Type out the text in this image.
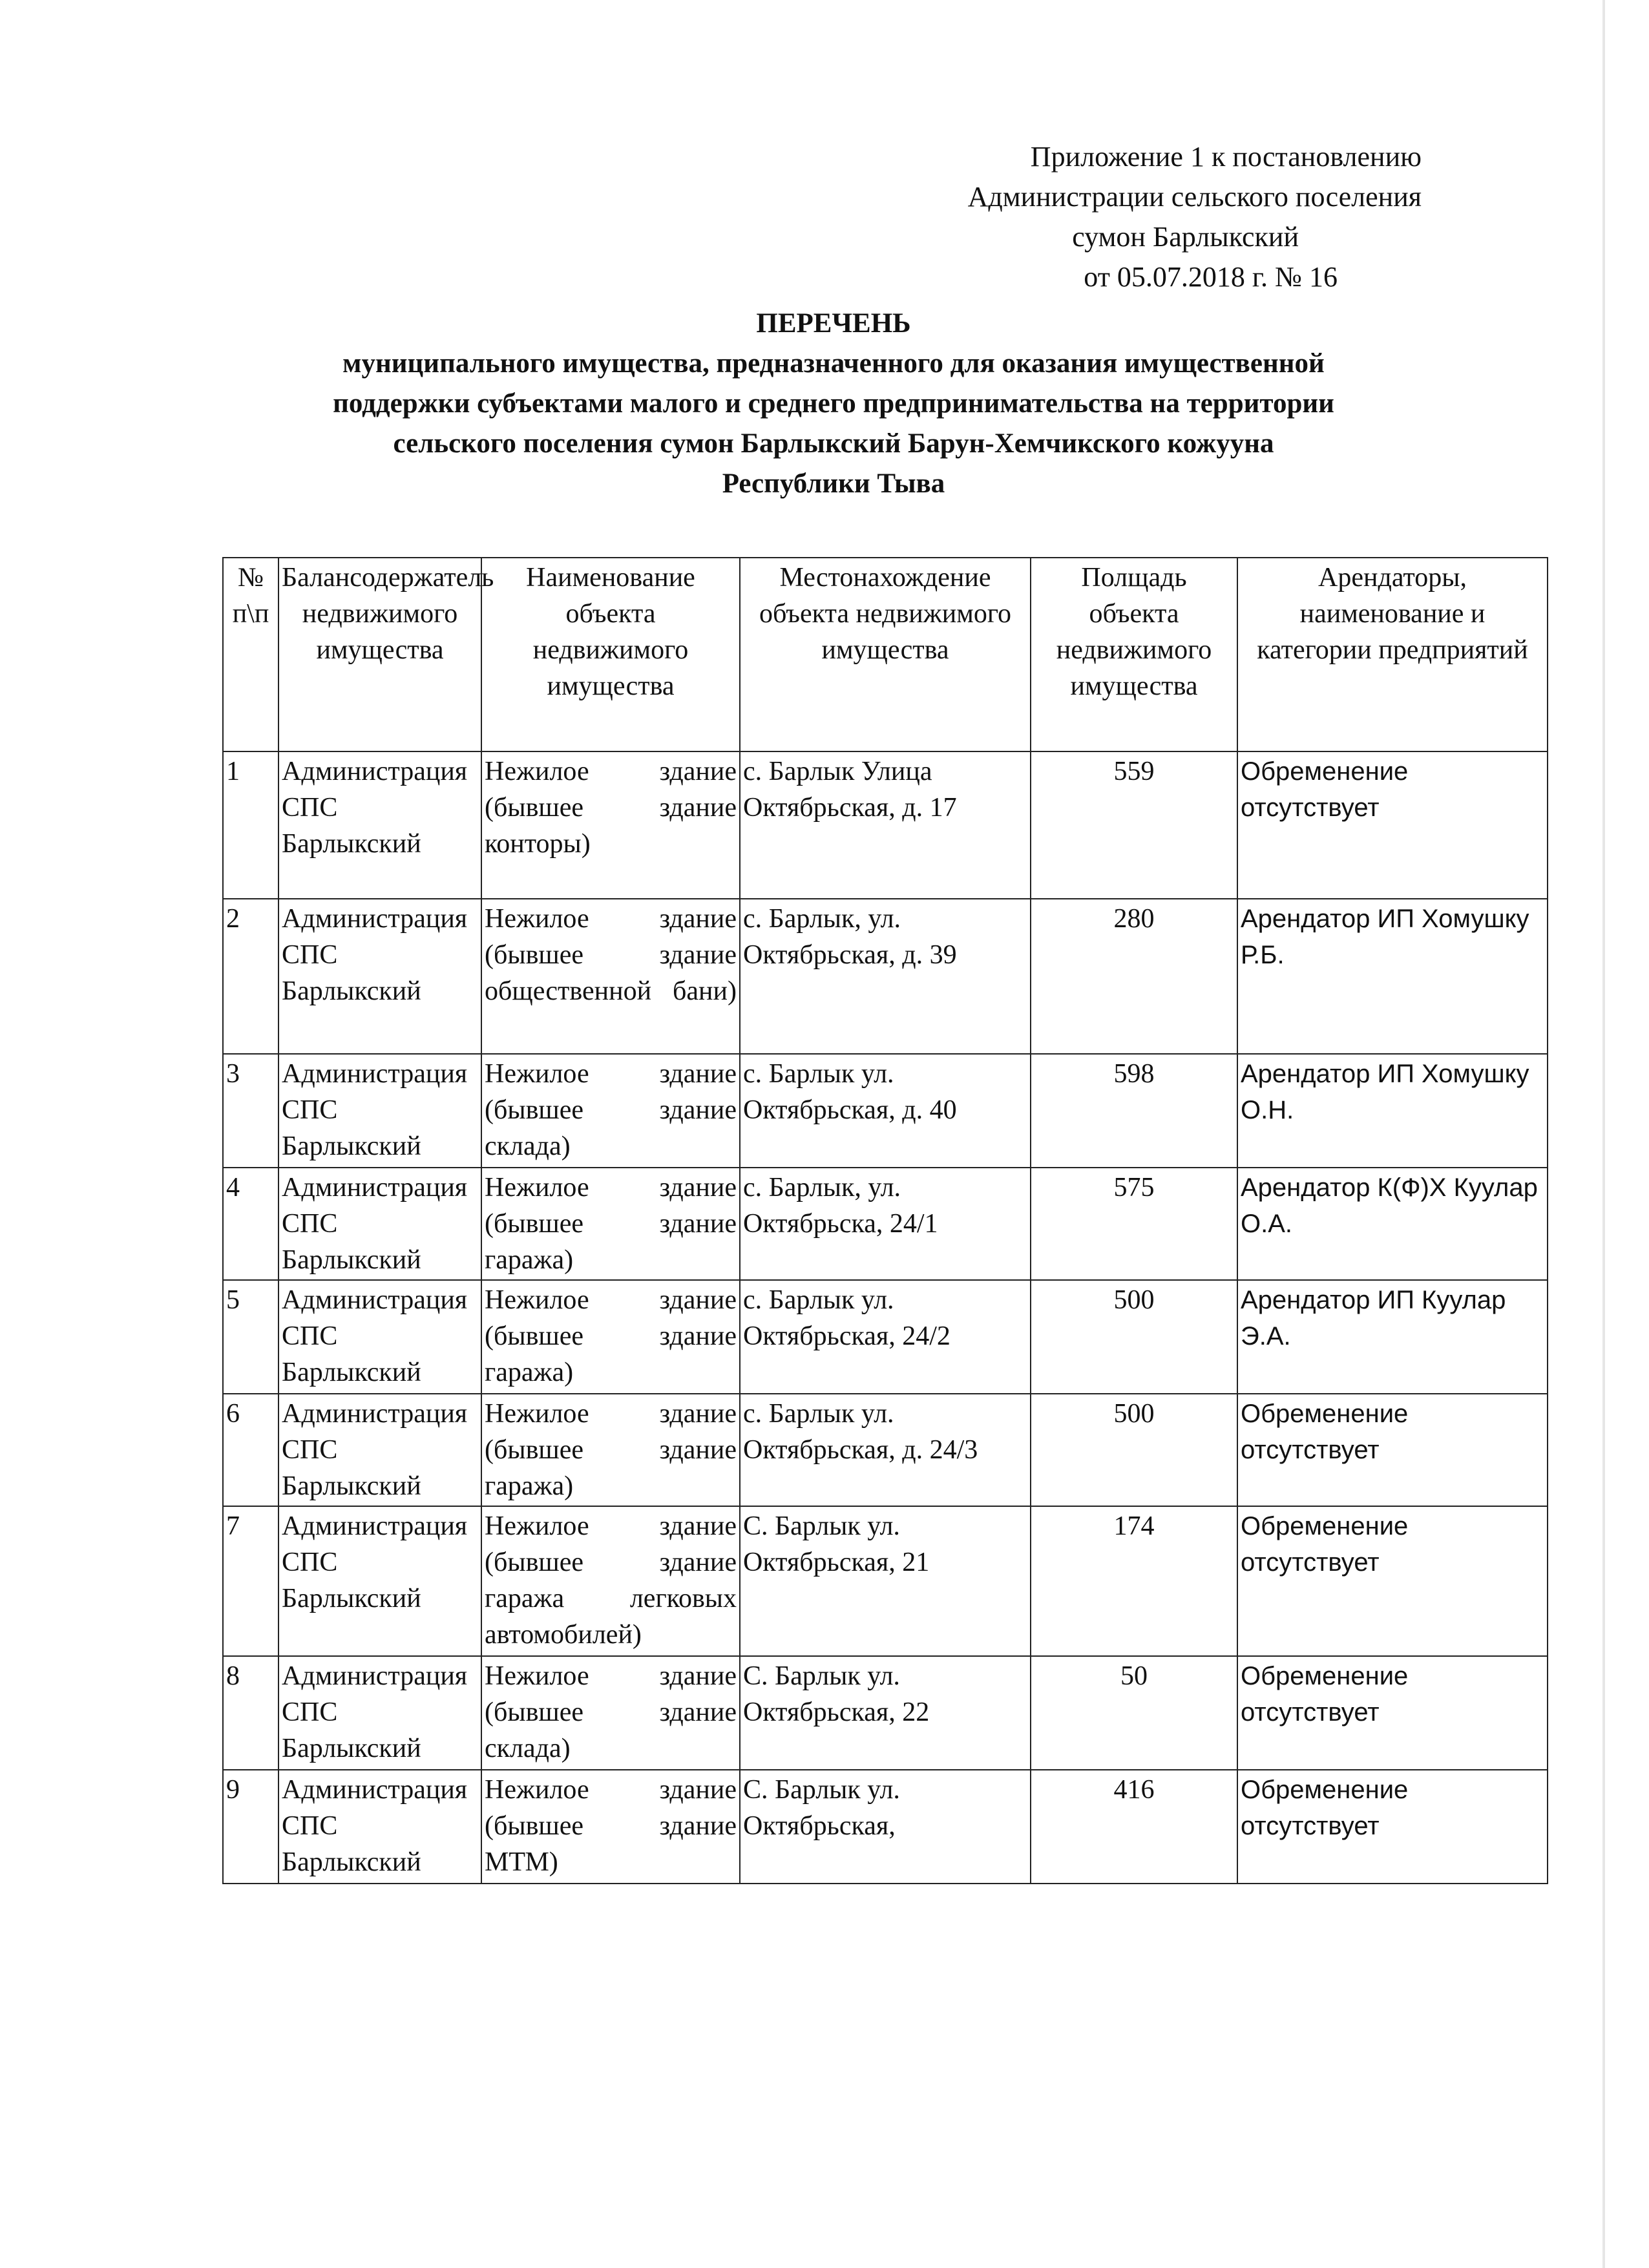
Приложение 1 к постановлению
Администрации сельского поселения
сумон Барлыкский
от 05.07.2018 г. № 16
ПЕРЕЧЕНЬ
муниципального имущества, предназначенного для оказания имущественной
поддержки субъектами малого и среднего предпринимательства на территории
сельского поселения сумон Барлыкский Барун-Хемчикского кожууна
Республики Тыва
№ п\п	Балансодержатель недвижимого имущества	Наименование объекта недвижимого имущества	Местонахождение объекта недвижимого имущества	Полщадь объекта недвижимого имущества	Арендаторы, наименование и категории предприятий
1	Администрация СПС Барлыкский	Нежилое здание (бывшее здание конторы)	с. Барлык Улица Октябрьская, д. 17	559	Обременение отсутствует
2	Администрация СПС Барлыкский	Нежилое здание (бывшее здание общественной бани)	с. Барлык, ул. Октябрьская, д. 39	280	Арендатор ИП Хомушку Р.Б.
3	Администрация СПС Барлыкский	Нежилое здание (бывшее здание склада)	с. Барлык ул. Октябрьская, д. 40	598	Арендатор ИП Хомушку О.Н.
4	Администрация СПС Барлыкский	Нежилое здание (бывшее здание гаража)	с. Барлык, ул. Октябрьска, 24/1	575	Арендатор К(Ф)Х Куулар О.А.
5	Администрация СПС Барлыкский	Нежилое здание (бывшее здание гаража)	с. Барлык ул. Октябрьская, 24/2	500	Арендатор ИП Куулар Э.А.
6	Администрация СПС Барлыкский	Нежилое здание (бывшее здание гаража)	с. Барлык ул. Октябрьская, д. 24/3	500	Обременение отсутствует
7	Администрация СПС Барлыкский	Нежилое здание (бывшее здание гаража легковых автомобилей)	С. Барлык ул. Октябрьская, 21	174	Обременение отсутствует
8	Администрация СПС Барлыкский	Нежилое здание (бывшее здание склада)	С. Барлык ул. Октябрьская, 22	50	Обременение отсутствует
9	Администрация СПС Барлыкский	Нежилое здание (бывшее здание МТМ)	С. Барлык ул. Октябрьская,	416	Обременение отсутствует
